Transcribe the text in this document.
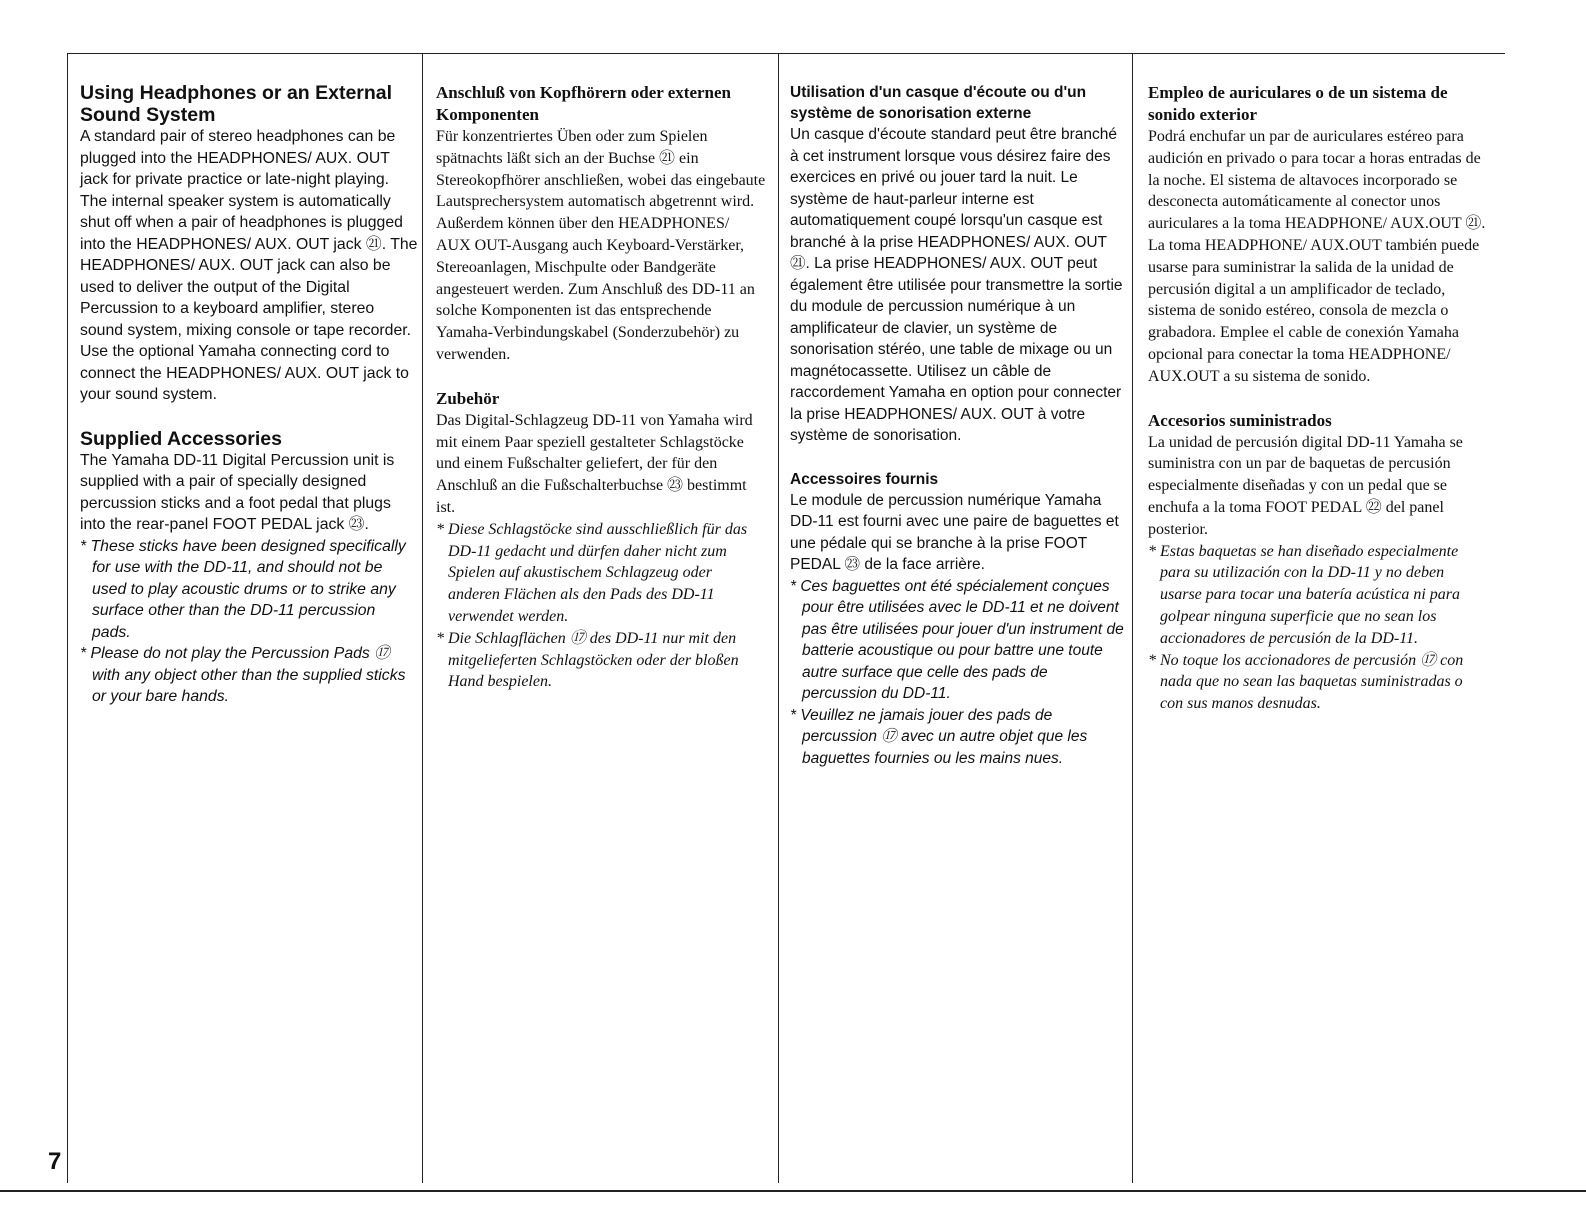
Using Headphones or an External Sound System

A standard pair of stereo headphones can be plugged into the HEADPHONES/ AUX. OUT jack for private practice or late-night playing. The internal speaker system is automatically shut off when a pair of headphones is plugged into the HEADPHONES/ AUX. OUT jack ㉑. The HEADPHONES/ AUX. OUT jack can also be used to deliver the output of the Digital Percussion to a keyboard amplifier, stereo sound system, mixing console or tape recorder. Use the optional Yamaha connecting cord to connect the HEADPHONES/ AUX. OUT jack to your sound system.

Supplied Accessories

The Yamaha DD-11 Digital Percussion unit is supplied with a pair of specially designed percussion sticks and a foot pedal that plugs into the rear-panel FOOT PEDAL jack ㉓.

* These sticks have been designed specifically for use with the DD-11, and should not be used to play acoustic drums or to strike any surface other than the DD-11 percussion pads.
* Please do not play the Percussion Pads ⑰ with any object other than the supplied sticks or your bare hands.
Anschluß von Kopfhörern oder externen Komponenten

Für konzentriertes Üben oder zum Spielen spätnachts läßt sich an der Buchse ㉑ ein Stereokopfhörer anschließen, wobei das eingebaute Lautsprechersystem automatisch abgetrennt wird. Außerdem können über den HEADPHONES/ AUX OUT-Ausgang auch Keyboard-Verstärker, Stereoanlagen, Mischpulte oder Bandgeräte angesteuert werden. Zum Anschluß des DD-11 an solche Komponenten ist das entsprechende Yamaha-Verbindungskabel (Sonderzubehör) zu verwenden.

Zubehör

Das Digital-Schlagzeug DD-11 von Yamaha wird mit einem Paar speziell gestalteter Schlagstöcke und einem Fußschalter geliefert, der für den Anschluß an die Fußschalterbuchse ㉓ bestimmt ist.

* Diese Schlagstöcke sind ausschließlich für das DD-11 gedacht und dürfen daher nicht zum Spielen auf akustischem Schlagzeug oder anderen Flächen als den Pads des DD-11 verwendet werden.
* Die Schlagflächen ⑰ des DD-11 nur mit den mitgelieferten Schlagstöcken oder der bloßen Hand bespielen.
Utilisation d'un casque d'écoute ou d'un système de sonorisation externe

Un casque d'écoute standard peut être branché à cet instrument lorsque vous désirez faire des exercices en privé ou jouer tard la nuit. Le système de haut-parleur interne est automatiquement coupé lorsqu'un casque est branché à la prise HEADPHONES/ AUX. OUT ㉑. La prise HEADPHONES/ AUX. OUT peut également être utilisée pour transmettre la sortie du module de percussion numérique à un amplificateur de clavier, un système de sonorisation stéréo, une table de mixage ou un magnétocassette. Utilisez un câble de raccordement Yamaha en option pour connecter la prise HEADPHONES/ AUX. OUT à votre système de sonorisation.

Accessoires fournis

Le module de percussion numérique Yamaha DD-11 est fourni avec une paire de baguettes et une pédale qui se branche à la prise FOOT PEDAL ㉓ de la face arrière.

* Ces baguettes ont été spécialement conçues pour être utilisées avec le DD-11 et ne doivent pas être utilisées pour jouer d'un instrument de batterie acoustique ou pour battre une toute autre surface que celle des pads de percussion du DD-11.
* Veuillez ne jamais jouer des pads de percussion ⑰ avec un autre objet que les baguettes fournies ou les mains nues.
Empleo de auriculares o de un sistema de sonido exterior

Podrá enchufar un par de auriculares estéreo para audición en privado o para tocar a horas entradas de la noche. El sistema de altavoces incorporado se desconecta automáticamente al conector unos auriculares a la toma HEADPHONE/ AUX.OUT ㉑. La toma HEADPHONE/ AUX.OUT también puede usarse para suministrar la salida de la unidad de percusión digital a un amplificador de teclado, sistema de sonido estéreo, consola de mezcla o grabadora. Emplee el cable de conexión Yamaha opcional para conectar la toma HEADPHONE/ AUX.OUT a su sistema de sonido.

Accesorios suministrados

La unidad de percusión digital DD-11 Yamaha se suministra con un par de baquetas de percusión especialmente diseñadas y con un pedal que se enchufa a la toma FOOT PEDAL ㉒ del panel posterior.

* Estas baquetas se han diseñado especialmente para su utilización con la DD-11 y no deben usarse para tocar una batería acústica ni para golpear ninguna superficie que no sean los accionadores de percusión de la DD-11.
* No toque los accionadores de percusión ⑰ con nada que no sean las baquetas suministradas o con sus manos desnudas.
7
